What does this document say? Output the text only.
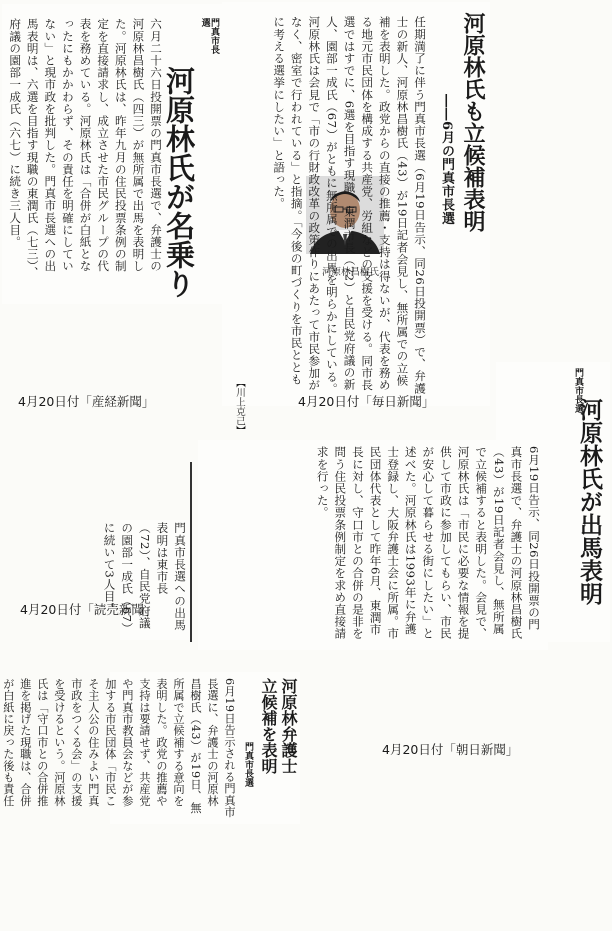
門真市長選
河原林氏が名乗り
六月二十六日投開票の門真市長選で、弁護士の河原林昌樹氏（四三）が無所属で出馬を表明した。河原林氏は、昨年九月の住民投票条例の制定を直接請求し、成立させた市民グループの代表を務めている。河原林氏は「合併が白紙となったにもかかわらず、その責任を明確にしていない」と現市政を批判した。門真市長選への出馬表明は、六選を目指す現職の東潤氏（七三）、府議の園部一成氏（六七）に続き三人目。
4月20日付「産経新聞」
河原林氏も立候補表明
――6月の門真市長選
河原林昌樹氏	任期満了に伴う門真市長選（6月19日告示、同26日投開票）で、弁護士の新人、河原林昌樹氏（43）が19日記者会見し、無所属での立候補を表明した。政党からの直接の推薦・支持は得ないが、代表を務める地元市民団体を構成する共産党、労組などの支援を受ける。同市長選ではすでに、6選を目指す現職、東潤市長（72）と自民党府議の新人、園部一成氏（67）がともに無所属での出馬を明らかにしている。河原林氏は会見で「市の行財政改革の政策作りにあたって市民参加がなく、密室で行われている」と指摘。「今後の町づくりを市民とともに考える選挙にしたい」と語った。
【川上克己】	4月20日付「毎日新聞」	門真市長選
河原林氏が出馬表明
6月19日告示、同26日投開票の門真市長選で、弁護士の河原林昌樹氏（43）が19日記者会見し、無所属で立候補すると表明した。会見で、河原林氏は「市民に必要な情報を提供して市政に参加してもらい、市民が安心して暮らせる街にしたい」と述べた。河原林氏は1993年に弁護士登録し、大阪弁護士会に所属。市民団体代表として昨年6月、東潤市長に対し、守口市との合併の是非を問う住民投票条例制定を求め直接請求を行った。
門真市長選への出馬表明は東市長（72）、自民党府議の園部一成氏（67）に続いて3人目。
4月20日付「読売新聞」
河原林弁護士立候補を表明
門真市長選
6月19日告示される門真市長選に、弁護士の河原林昌樹氏（43）が19日、無所属で立候補する意向を表明した。政党の推薦や支持は要請せず、共産党や門真市教員会などが参加する市民団体「市民こそ主人公の住みよい門真市政をつくる会」の支援を受けるという。河原林氏は「守口市との合併推進を掲げた現職は、合併が白紙に戻った後も責任
4月20日付「朝日新聞」
